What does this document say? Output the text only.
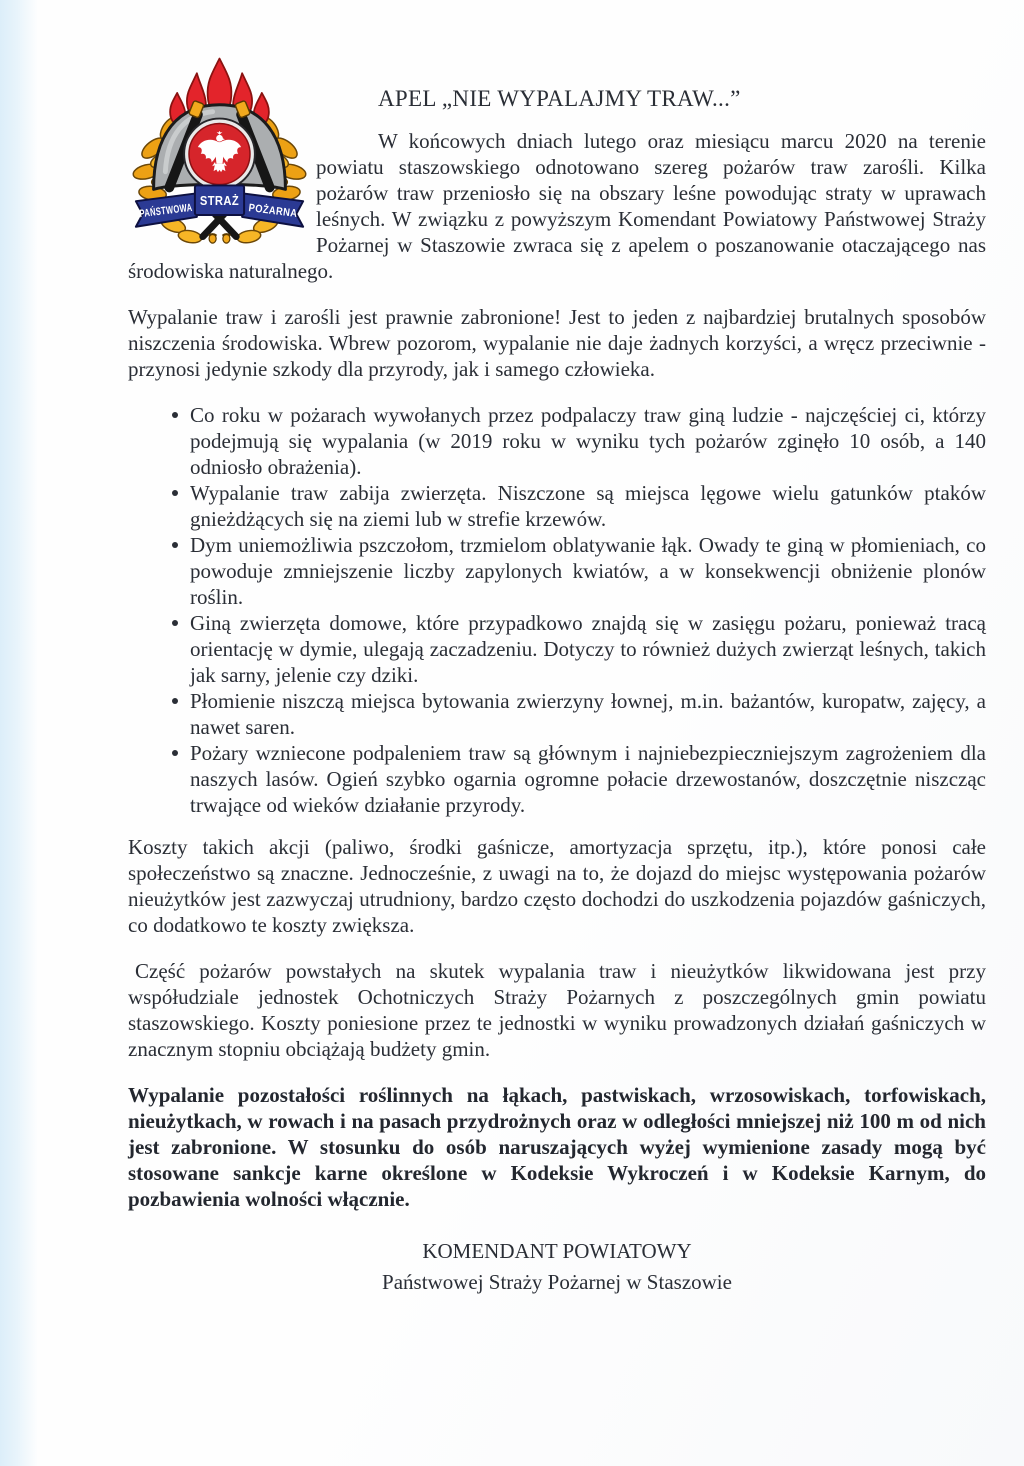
PAŃSTWOWA
STRAŻ
POŻARNA
APEL „NIE WYPALAJMY TRAW...”

W końcowych dniach lutego oraz miesiącu marcu 2020 na terenie powiatu staszowskiego odnotowano szereg pożarów traw zarośli. Kilka pożarów traw przeniosło się na obszary leśne powodując straty w uprawach leśnych. W związku z powyższym Komendant Powiatowy Państwowej Straży Pożarnej w Staszowie zwraca się z apelem o poszanowanie otaczającego nas środowiska naturalnego.

Wypalanie traw i zarośli jest prawnie zabronione! Jest to jeden z najbardziej brutalnych sposobów niszczenia środowiska. Wbrew pozorom, wypalanie nie daje żadnych korzyści, a wręcz przeciwnie - przynosi jedynie szkody dla przyrody, jak i samego człowieka.

Co roku w pożarach wywołanych przez podpalaczy traw giną ludzie - najczęściej ci, którzy podejmują się wypalania (w 2019 roku w wyniku tych pożarów zginęło 10 osób, a 140 odniosło obrażenia).
Wypalanie traw zabija zwierzęta. Niszczone są miejsca lęgowe wielu gatunków ptaków gnieżdżących się na ziemi lub w strefie krzewów.
Dym uniemożliwia pszczołom, trzmielom oblatywanie łąk. Owady te giną w płomieniach, co powoduje zmniejszenie liczby zapylonych kwiatów, a w konsekwencji obniżenie plonów roślin.
Giną zwierzęta domowe, które przypadkowo znajdą się w zasięgu pożaru, ponieważ tracą orientację w dymie, ulegają zaczadzeniu. Dotyczy to również dużych zwierząt leśnych, takich jak sarny, jelenie czy dziki.
Płomienie niszczą miejsca bytowania zwierzyny łownej, m.in. bażantów, kuropatw, zajęcy, a nawet saren.
Pożary wzniecone podpaleniem traw są głównym i najniebezpieczniejszym zagrożeniem dla naszych lasów. Ogień szybko ogarnia ogromne połacie drzewostanów, doszczętnie niszcząc trwające od wieków działanie przyrody.

Koszty takich akcji (paliwo, środki gaśnicze, amortyzacja sprzętu, itp.), które ponosi całe społeczeństwo są znaczne. Jednocześnie, z uwagi na to, że dojazd do miejsc występowania pożarów nieużytków jest zazwyczaj utrudniony, bardzo często dochodzi do uszkodzenia pojazdów gaśniczych, co dodatkowo te koszty zwiększa.

Część pożarów powstałych na skutek wypalania traw i nieużytków likwidowana jest przy współudziale jednostek Ochotniczych Straży Pożarnych z poszczególnych gmin powiatu staszowskiego. Koszty poniesione przez te jednostki w wyniku prowadzonych działań gaśniczych w znacznym stopniu obciążają budżety gmin.

Wypalanie pozostałości roślinnych na łąkach, pastwiskach, wrzosowiskach, torfowiskach, nieużytkach, w rowach i na pasach przydrożnych oraz w odległości mniejszej niż 100 m od nich jest zabronione. W stosunku do osób naruszających wyżej wymienione zasady mogą być stosowane sankcje karne określone w Kodeksie Wykroczeń i w Kodeksie Karnym, do pozbawienia wolności włącznie.

KOMENDANT POWIATOWY
Państwowej Straży Pożarnej w Staszowie
